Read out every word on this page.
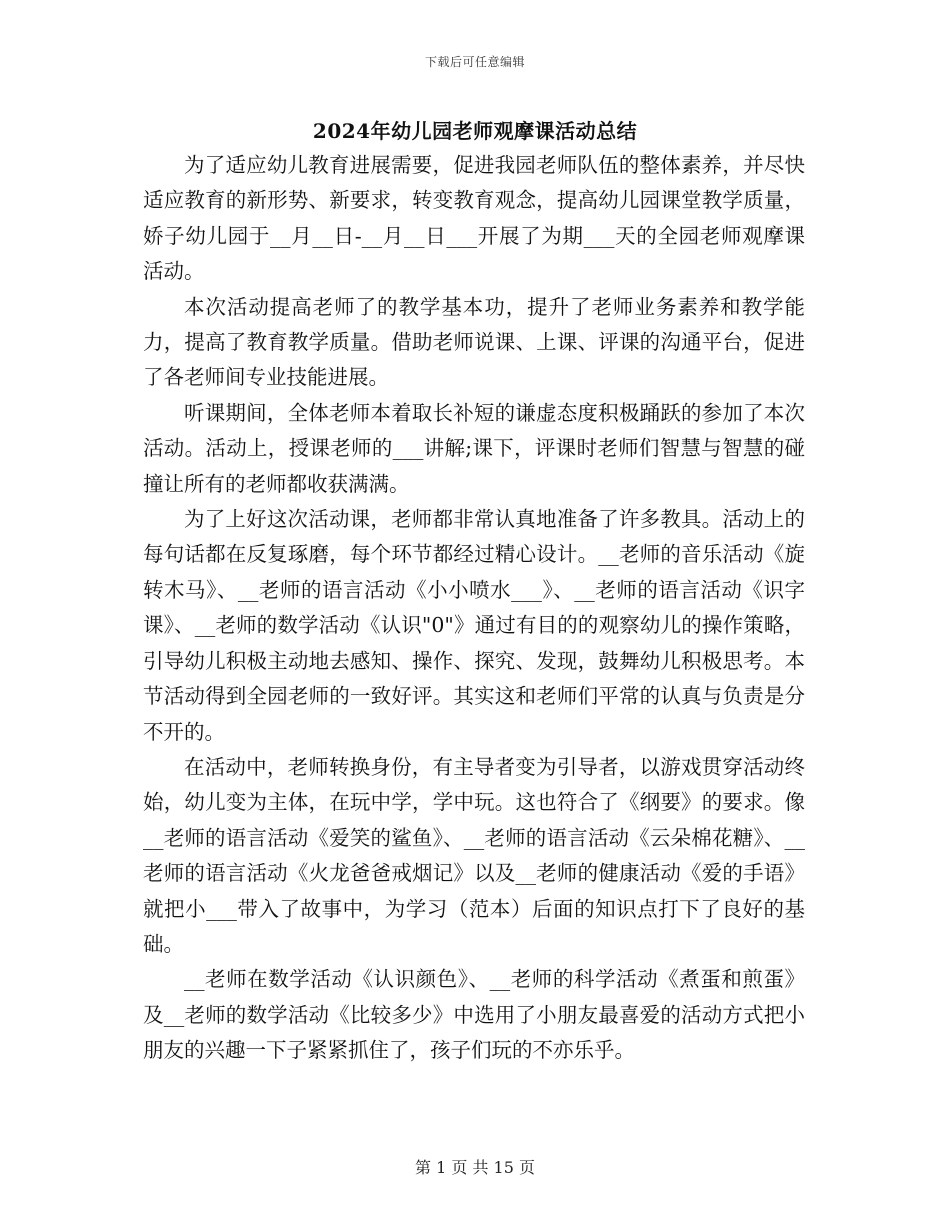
下载后可任意编辑
2024年幼儿园老师观摩课活动总结

为了适应幼儿教育进展需要，促进我园老师队伍的整体素养，并尽快适应教育的新形势、新要求，转变教育观念，提高幼儿园课堂教学质量，娇子幼儿园于__月__日-__月__日___开展了为期___天的全园老师观摩课活动。

本次活动提高老师了的教学基本功，提升了老师业务素养和教学能力，提高了教育教学质量。借助老师说课、上课、评课的沟通平台，促进了各老师间专业技能进展。

听课期间，全体老师本着取长补短的谦虚态度积极踊跃的参加了本次活动。活动上，授课老师的___讲解;课下，评课时老师们智慧与智慧的碰撞让所有的老师都收获满满。

为了上好这次活动课，老师都非常认真地准备了许多教具。活动上的每句话都在反复琢磨，每个环节都经过精心设计。__老师的音乐活动《旋转木马》、__老师的语言活动《小小喷水___》、__老师的语言活动《识字课》、__老师的数学活动《认识"0"》通过有目的的观察幼儿的操作策略，引导幼儿积极主动地去感知、操作、探究、发现，鼓舞幼儿积极思考。本节活动得到全园老师的一致好评。其实这和老师们平常的认真与负责是分不开的。

在活动中，老师转换身份，有主导者变为引导者，以游戏贯穿活动终始，幼儿变为主体，在玩中学，学中玩。这也符合了《纲要》的要求。像__老师的语言活动《爱笑的鲨鱼》、__老师的语言活动《云朵棉花糖》、__老师的语言活动《火龙爸爸戒烟记》以及__老师的健康活动《爱的手语》就把小___带入了故事中，为学习（范本）后面的知识点打下了良好的基础。

__老师在数学活动《认识颜色》、__老师的科学活动《煮蛋和煎蛋》及__老师的数学活动《比较多少》中选用了小朋友最喜爱的活动方式把小朋友的兴趣一下子紧紧抓住了，孩子们玩的不亦乐乎。

第 1 页 共 15 页
